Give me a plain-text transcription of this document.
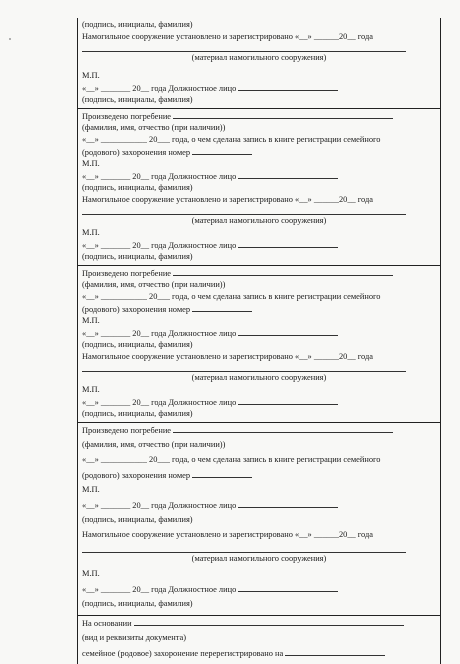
(подпись, инициалы, фамилия)
Намогильное сооружение установлено и зарегистрировано «__» ______20__ года
(материал намогильного сооружения)
М.П.
«__» _______ 20__ года Должностное лицо
(подпись, инициалы, фамилия)
Произведено погребение
(фамилия, имя, отчество (при наличии))
«__» ___________ 20___ года, о чем сделана запись в книге регистрации семейного
(родового) захоронения номер
М.П.
«__» _______ 20__ года Должностное лицо
(подпись, инициалы, фамилия)
Намогильное сооружение установлено и зарегистрировано «__» ______20__ года
(материал намогильного сооружения)
М.П.
«__» _______ 20__ года Должностное лицо
(подпись, инициалы, фамилия)
Произведено погребение
(фамилия, имя, отчество (при наличии))
«__» ___________ 20___ года, о чем сделана запись в книге регистрации семейного
(родового) захоронения номер
М.П.
«__» _______ 20__ года Должностное лицо
(подпись, инициалы, фамилия)
Намогильное сооружение установлено и зарегистрировано «__» ______20__ года
(материал намогильного сооружения)
М.П.
«__» _______ 20__ года Должностное лицо
(подпись, инициалы, фамилия)
Произведено погребение
(фамилия, имя, отчество (при наличии))
«__» ___________ 20___ года, о чем сделана запись в книге регистрации семейного
(родового) захоронения номер
М.П.
«__» _______ 20__ года Должностное лицо
(подпись, инициалы, фамилия)
Намогильное сооружение установлено и зарегистрировано «__» ______20__ года
(материал намогильного сооружения)
М.П.
«__» _______ 20__ года Должностное лицо
(подпись, инициалы, фамилия)
На основании
(вид и реквизиты документа)
семейное (родовое) захоронение перерегистрировано на
